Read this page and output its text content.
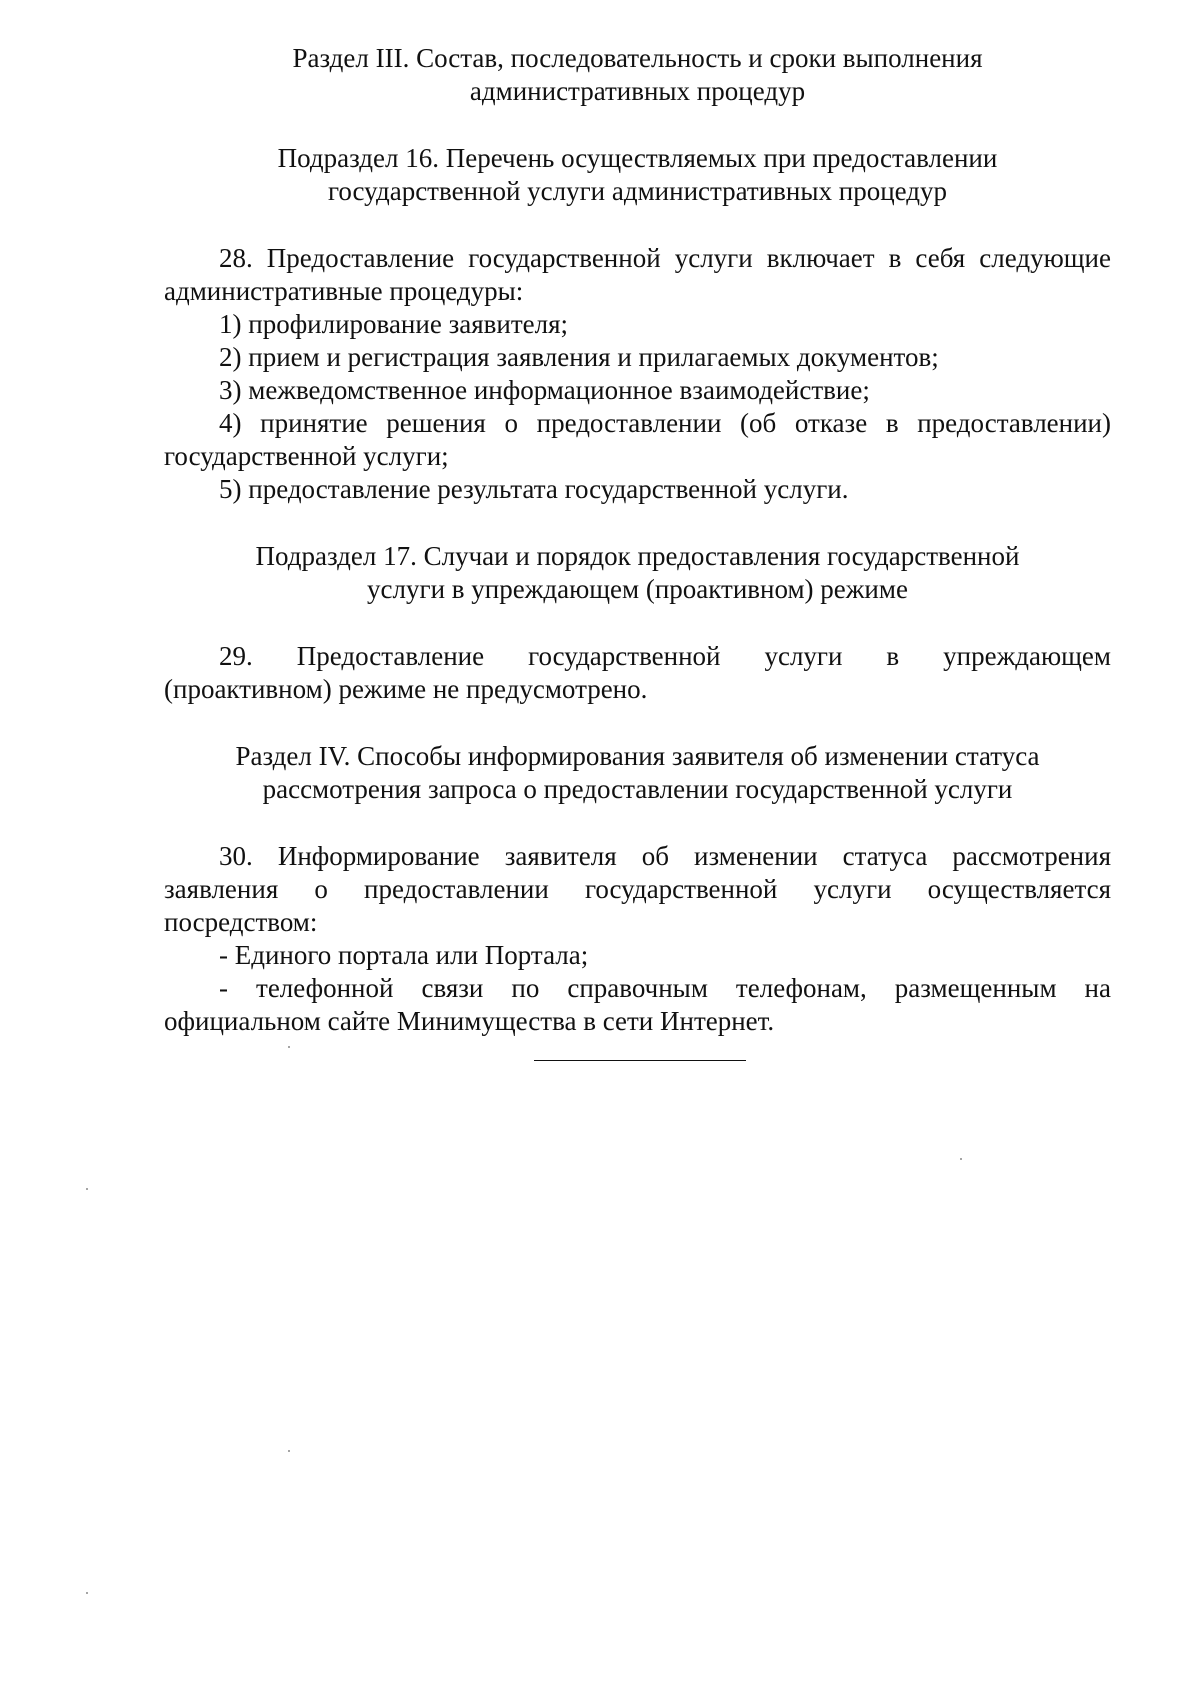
Раздел III. Состав, последовательность и сроки выполнения
административных процедур
Подраздел 16. Перечень осуществляемых при предоставлении
государственной услуги административных процедур
28. Предоставление государственной услуги включает в себя следующие
административные процедуры:
1) профилирование заявителя;
2) прием и регистрация заявления и прилагаемых документов;
3) межведомственное информационное взаимодействие;
4) принятие решения о предоставлении (об отказе в предоставлении)
государственной услуги;
5) предоставление результата государственной услуги.
Подраздел 17. Случаи и порядок предоставления государственной
услуги в упреждающем (проактивном) режиме
29. Предоставление государственной услуги в упреждающем
(проактивном) режиме не предусмотрено.
Раздел IV. Способы информирования заявителя об изменении статуса
рассмотрения запроса о предоставлении государственной услуги
30. Информирование заявителя об изменении статуса рассмотрения
заявления о предоставлении государственной услуги осуществляется
посредством:
- Единого портала или Портала;
- телефонной связи по справочным телефонам, размещенным на
официальном сайте Минимущества в сети Интернет.
